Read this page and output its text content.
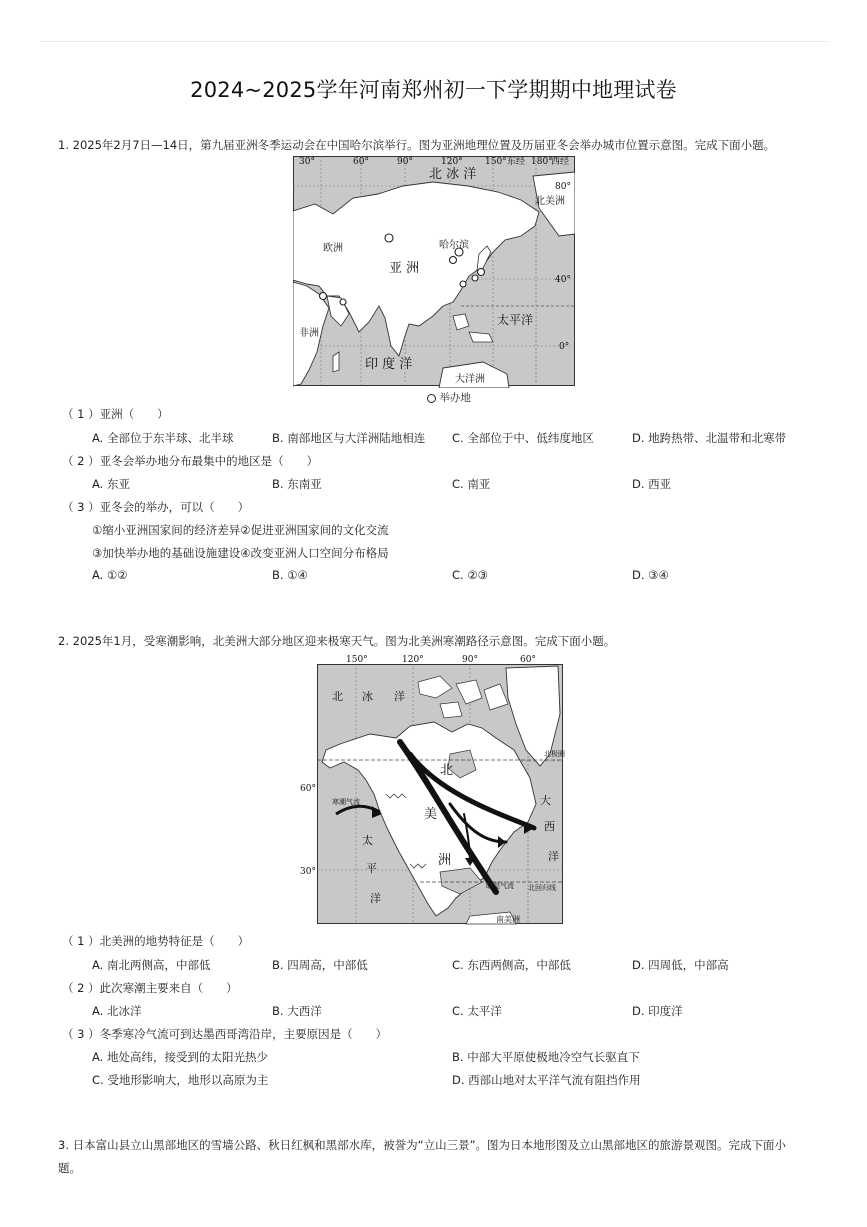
2024~2025学年河南郑州初一下学期期中地理试卷
1. 2025年2月7日—14日，第九届亚洲冬季运动会在中国哈尔滨举行。图为亚洲地理位置及历届亚冬会举办城市位置示意图。完成下面小题。
30°	60°	90°	120° 150° 东经 180°
西经
80°
40°
0°
北 冰 洋
北美洲
欧洲
亚 洲
哈尔滨
太平洋
非洲
印 度 洋
大洋洲
举办地
（ 1 ）亚洲（　　）
A. 全部位于东半球、北半球	B. 南部地区与大洋洲陆地相连 C. 全部位于中、低纬度地区	D. 地跨热带、北温带和北寒带
（ 2 ）亚冬会举办地分布最集中的地区是（　　）
A. 东亚	B. 东南亚	C. 南亚	D. 西亚
（ 3 ）亚冬会的举办，可以（　　）
①缩小亚洲国家间的经济差异②促进亚洲国家间的文化交流
③加快举办地的基础设施建设④改变亚洲人口空间分布格局
A. ①②	B. ①④	C. ②③	D. ③④
2. 2025年1月，受寒潮影响，北美洲大部分地区迎来极寒天气。图为北美洲寒潮路径示意图。完成下面小题。
150°	120°	90°	60°
60°
30°
北 冰 洋
北
美
洲
大
西
洋
太
平
洋
北极圈
北回归线
南美洲
寒潮气流
暖湿气流
（ 1 ）北美洲的地势特征是（　　）
A. 南北两侧高，中部低	B. 四周高，中部低	C. 东西两侧高，中部低	D. 四周低，中部高
（ 2 ）此次寒潮主要来自（　　）
A. 北冰洋	B. 大西洋	C. 太平洋	D. 印度洋
（ 3 ）冬季寒冷气流可到达墨西哥湾沿岸，主要原因是（　　）
A. 地处高纬，接受到的太阳光热少	B. 中部大平原使极地冷空气长驱直下
C. 受地形影响大，地形以高原为主	D. 西部山地对太平洋气流有阻挡作用
3. 日本富山县立山黑部地区的雪墙公路、秋日红枫和黑部水库，被誉为“立山三景”。图为日本地形图及立山黑部地区的旅游景观图。完成下面小
题。
